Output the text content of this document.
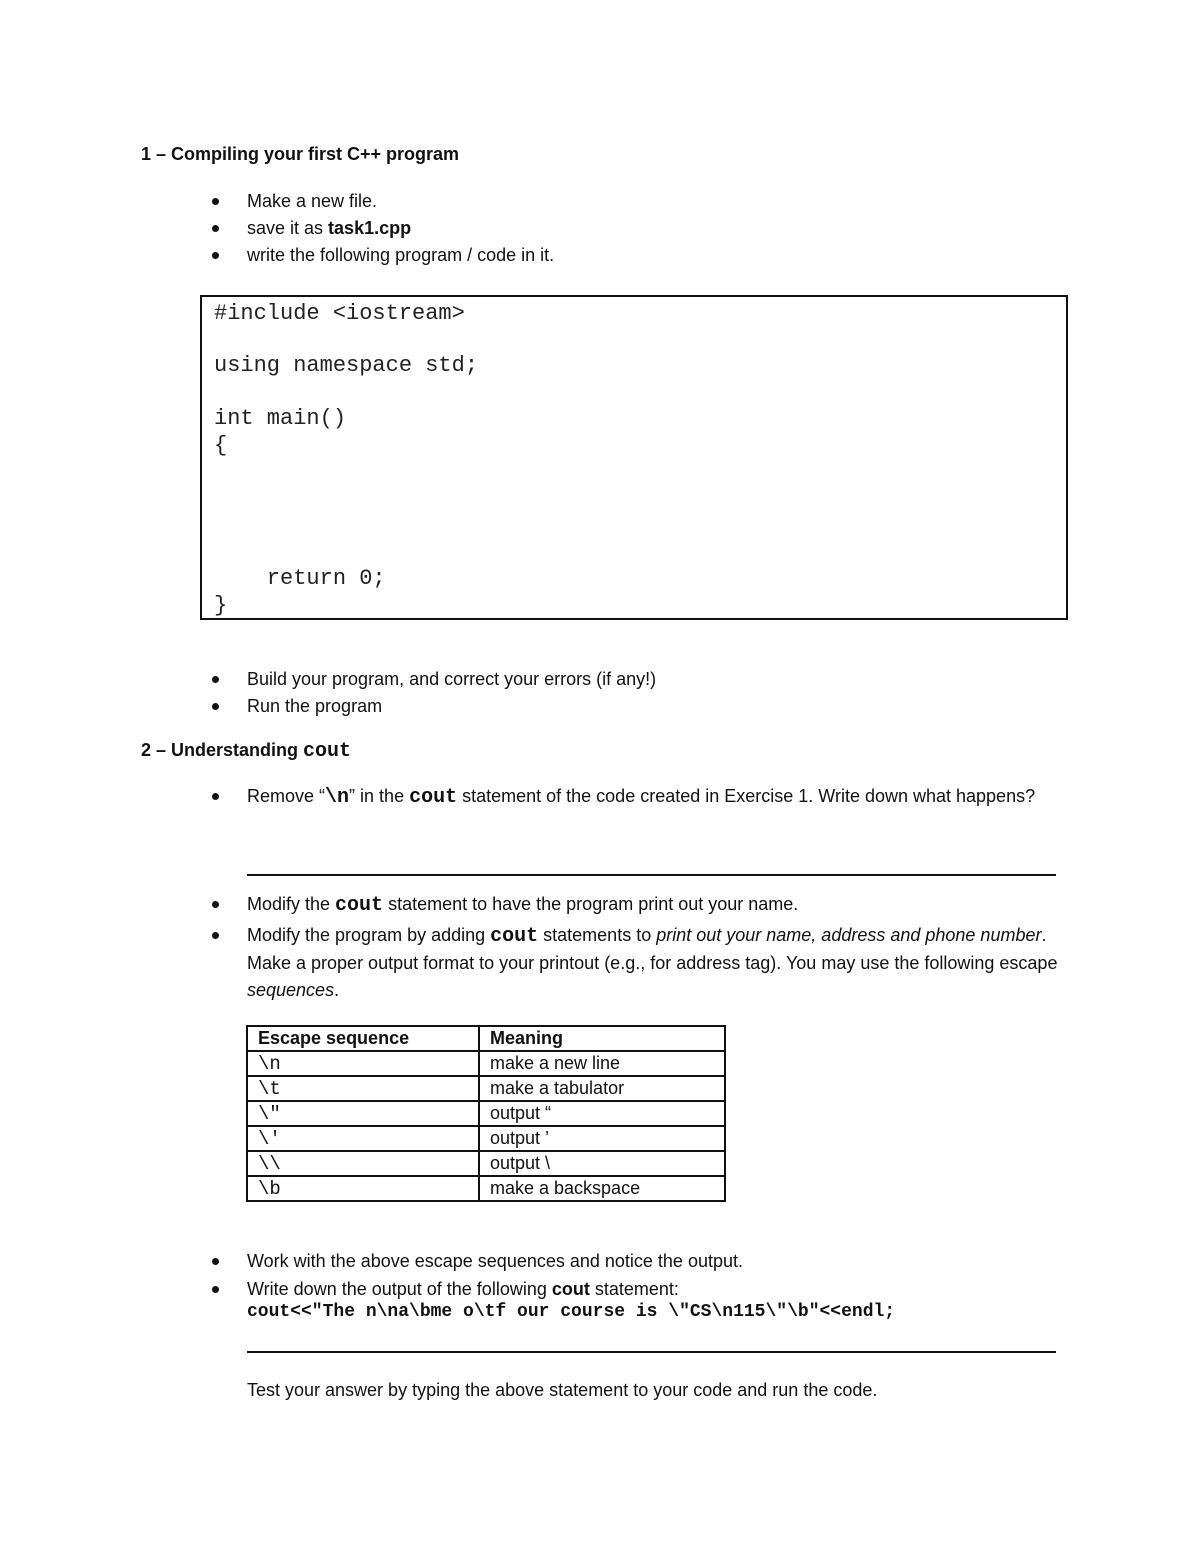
1 – Compiling your first C++ program
Make a new file.
save it as task1.cpp
write the following program / code in it.
#include <iostream>
using namespace std;
int main()
{
return 0;
}
Build your program, and correct your errors (if any!)
Run the program
2 – Understanding cout
Remove “\n” in the cout statement of the code created in Exercise 1. Write down what happens?
Modify the cout statement to have the program print out your name.
Modify the program by adding cout statements to print out your name, address and phone number. Make a proper output format to your printout (e.g., for address tag). You may use the following escape sequences.
Escape sequence	Meaning
\n	make a new line
\t	make a tabulator
\"	output “
\'	output ’
\\	output \
\b	make a backspace
Work with the above escape sequences and notice the output.
Write down the output of the following cout statement:
cout<<"The n\na\bme o\tf our course is \"CS\n115\"\b"<<endl;
Test your answer by typing the above statement to your code and run the code.
